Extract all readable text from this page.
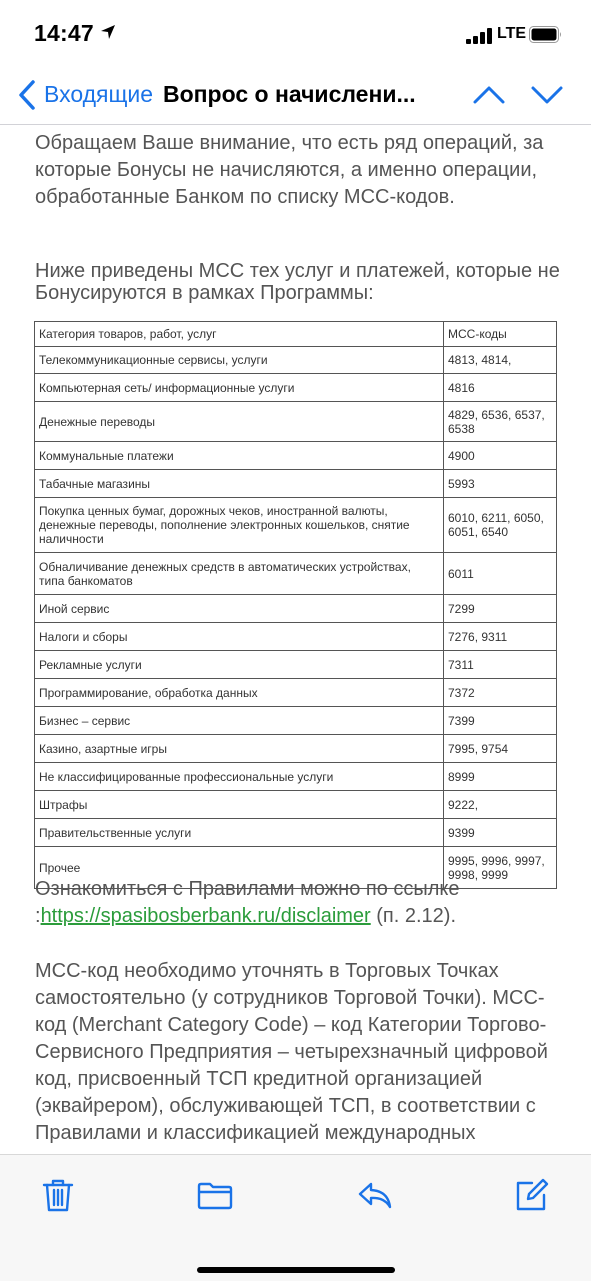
14:47	LTE
Входящие Вопрос о начислени...
Обращаем Ваше внимание, что есть ряд операций, за которые Бонусы не начисляются, а именно операции, обработанные Банком по списку МСС-кодов.
Ниже приведены МСС тех услуг и платежей, которые не Бонусируются в рамках Программы:
Категория товаров, работ, услуг	МСС-коды
Телекоммуникационные сервисы, услуги	4813, 4814,
Компьютерная сеть/ информационные услуги	4816
Денежные переводы	4829, 6536, 6537, 6538
Коммунальные платежи	4900
Табачные магазины	5993
Покупка ценных бумаг, дорожных чеков, иностранной валюты, денежные переводы, пополнение электронных кошельков, снятие наличности	6010, 6211, 6050, 6051, 6540
Обналичивание денежных средств в автоматических устройствах, типа банкоматов	6011
Иной сервис	7299
Налоги и сборы	7276, 9311
Рекламные услуги	7311
Программирование, обработка данных	7372
Бизнес – сервис	7399
Казино, азартные игры	7995, 9754
Не классифицированные профессиональные услуги	8999
Штрафы	9222,
Правительственные услуги	9399
Прочее	9995, 9996, 9997, 9998, 9999
Ознакомиться с Правилами можно по ссылке :https://spasibosberbank.ru/disclaimer (п. 2.12).
МСС-код необходимо уточнять в Торговых Точках самостоятельно (у сотрудников Торговой Точки). МСС-код (Merchant Category Code) – код Категории Торгово-Сервисного Предприятия – четырехзначный цифровой код, присвоенный ТСП кредитной организацией (эквайрером), обслуживающей ТСП, в соответствии с Правилами и классификацией международных
